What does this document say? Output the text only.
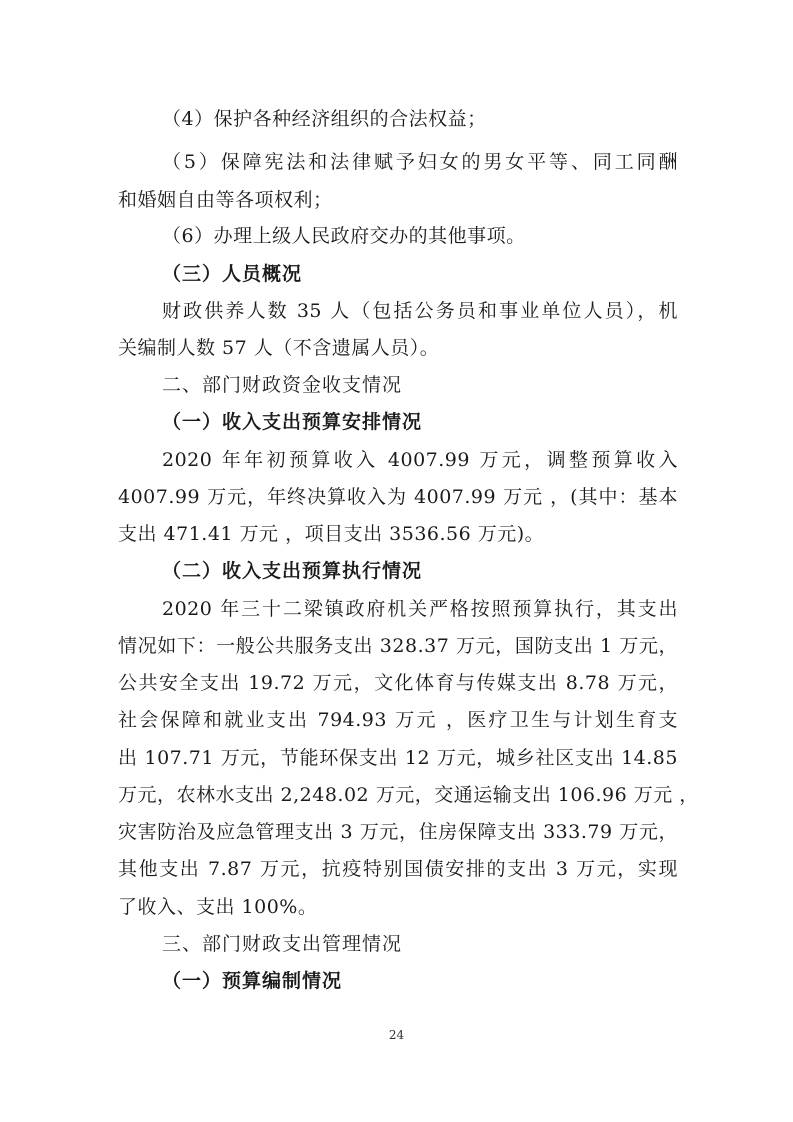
（4）保护各种经济组织的合法权益；
（5）保障宪法和法律赋予妇女的男女平等、同工同酬
和婚姻自由等各项权利；
（6）办理上级人民政府交办的其他事项。
（三）人员概况
财政供养人数 35 人（包括公务员和事业单位人员），机
关编制人数 57 人（不含遗属人员）。
二、部门财政资金收支情况
（一）收入支出预算安排情况
2020 年年初预算收入 4007.99 万元，调整预算收入
4007.99 万元，年终决算收入为 4007.99 万元 ，(其中：基本
支出 471.41 万元 ，项目支出 3536.56 万元)。
（二）收入支出预算执行情况
2020 年三十二梁镇政府机关严格按照预算执行，其支出
情况如下：一般公共服务支出 328.37 万元，国防支出 1 万元，
公共安全支出 19.72 万元，文化体育与传媒支出 8.78 万元，
社会保障和就业支出 794.93 万元 ，医疗卫生与计划生育支
出 107.71 万元，节能环保支出 12 万元，城乡社区支出 14.85
万元，农林水支出 2,248.02 万元，交通运输支出 106.96 万元 ，
灾害防治及应急管理支出 3 万元，住房保障支出 333.79 万元，
其他支出 7.87 万元，抗疫特别国债安排的支出 3 万元，实现
了收入、支出 100%。
三、部门财政支出管理情况
（一）预算编制情况
24
